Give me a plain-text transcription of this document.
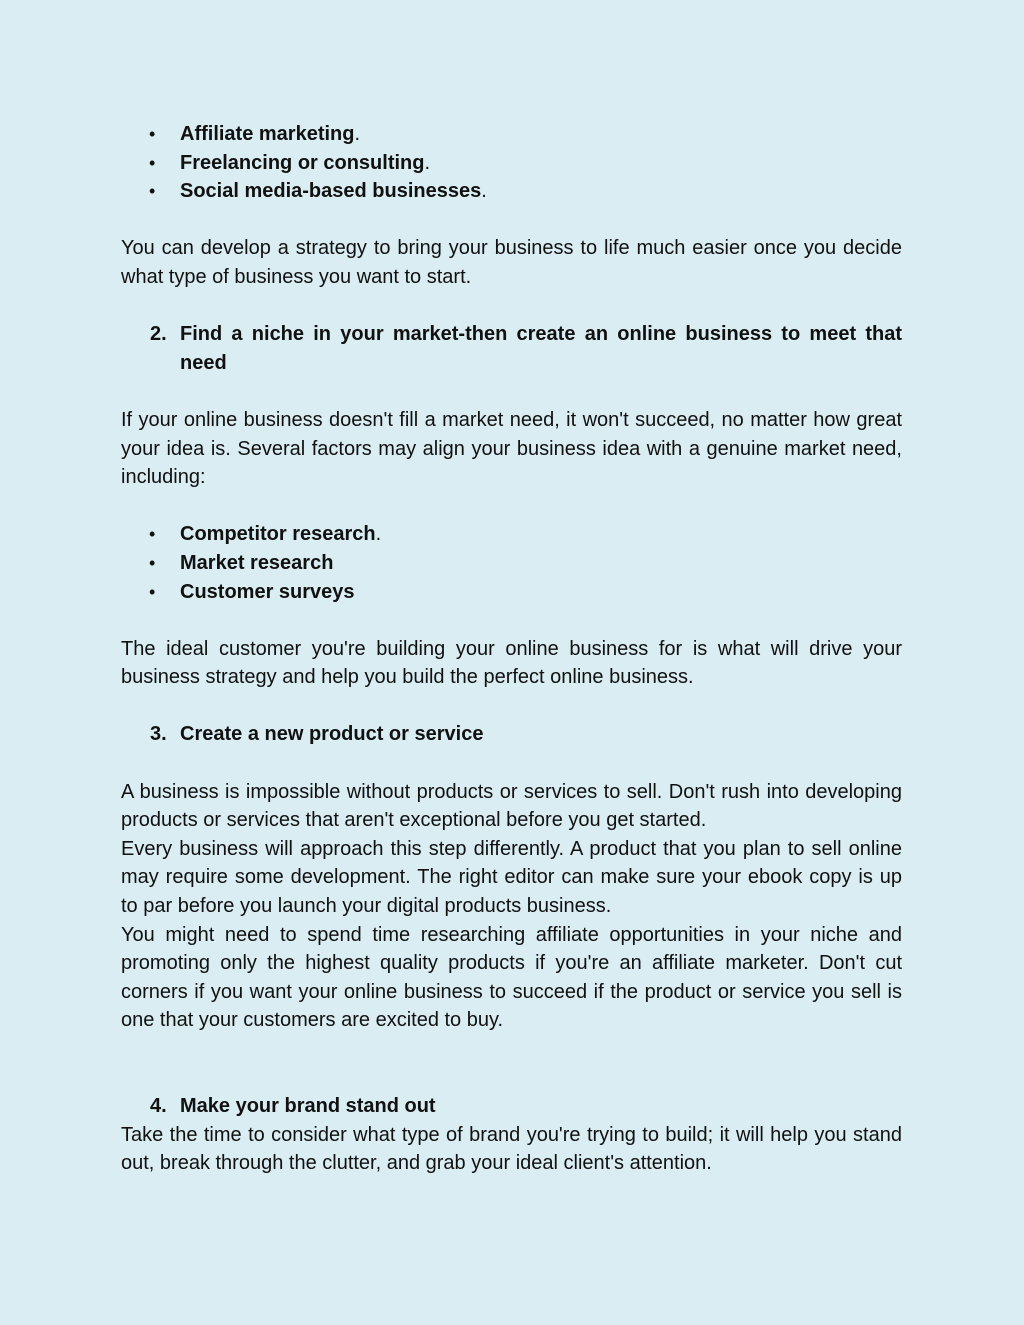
• Affiliate marketing.
• Freelancing or consulting.
• Social media-based businesses.

You can develop a strategy to bring your business to life much easier once you decide what type of business you want to start.

2. Find a niche in your market-then create an online business to meet that need

If your online business doesn't fill a market need, it won't succeed, no matter how great your idea is. Several factors may align your business idea with a genuine market need, including:

• Competitor research.
• Market research
• Customer surveys

The ideal customer you're building your online business for is what will drive your business strategy and help you build the perfect online business.

3. Create a new product or service

A business is impossible without products or services to sell. Don't rush into developing products or services that aren't exceptional before you get started.

Every business will approach this step differently. A product that you plan to sell online may require some development. The right editor can make sure your ebook copy is up to par before you launch your digital products business.

You might need to spend time researching affiliate opportunities in your niche and promoting only the highest quality products if you're an affiliate marketer. Don't cut corners if you want your online business to succeed if the product or service you sell is one that your customers are excited to buy.

4. Make your brand stand out

Take the time to consider what type of brand you're trying to build; it will help you stand out, break through the clutter, and grab your ideal client's attention.
